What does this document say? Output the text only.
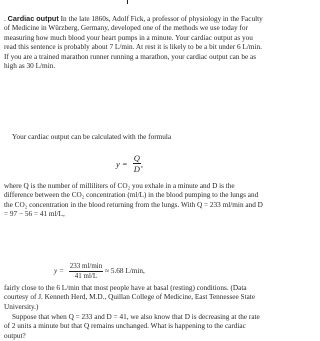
. Cardiac output In the late 1860s, Adolf Fick, a professor of physiology in the Faculty of Medicine in Würzberg, Germany, developed one of the methods we use today for measuring how much blood your heart pumps in a minute. Your cardiac output as you read this sentence is probably about 7 L/min. At rest it is likely to be a bit under 6 L/min. If you are a trained marathon runner running a marathon, your cardiac output can be as high as 30 L/min.

Your cardiac output can be calculated with the formula

$y = \frac{Q}{D}$ ,

where Q is the number of milliliters of CO₂ you exhale in a minute and D is the difference between the CO₂ concentration (ml/L) in the blood pumping to the lungs and the CO₂ concentration in the blood returning from the lungs. With Q = 233 ml/min and D = 97 − 56 = 41 ml/L,

$y = \frac{233 ml/\min}{41 ml/L} \approx 5.68$ L/min,

fairly close to the 6 L/min that most people have at basal (resting) conditions. (Data courtesy of J. Kenneth Herd, M.D., Quillan College of Medicine, East Tennessee State University.)

Suppose that when Q = 233 and D = 41, we also know that D is decreasing at the rate of 2 units a minute but that Q remains unchanged. What is happening to the cardiac output?
